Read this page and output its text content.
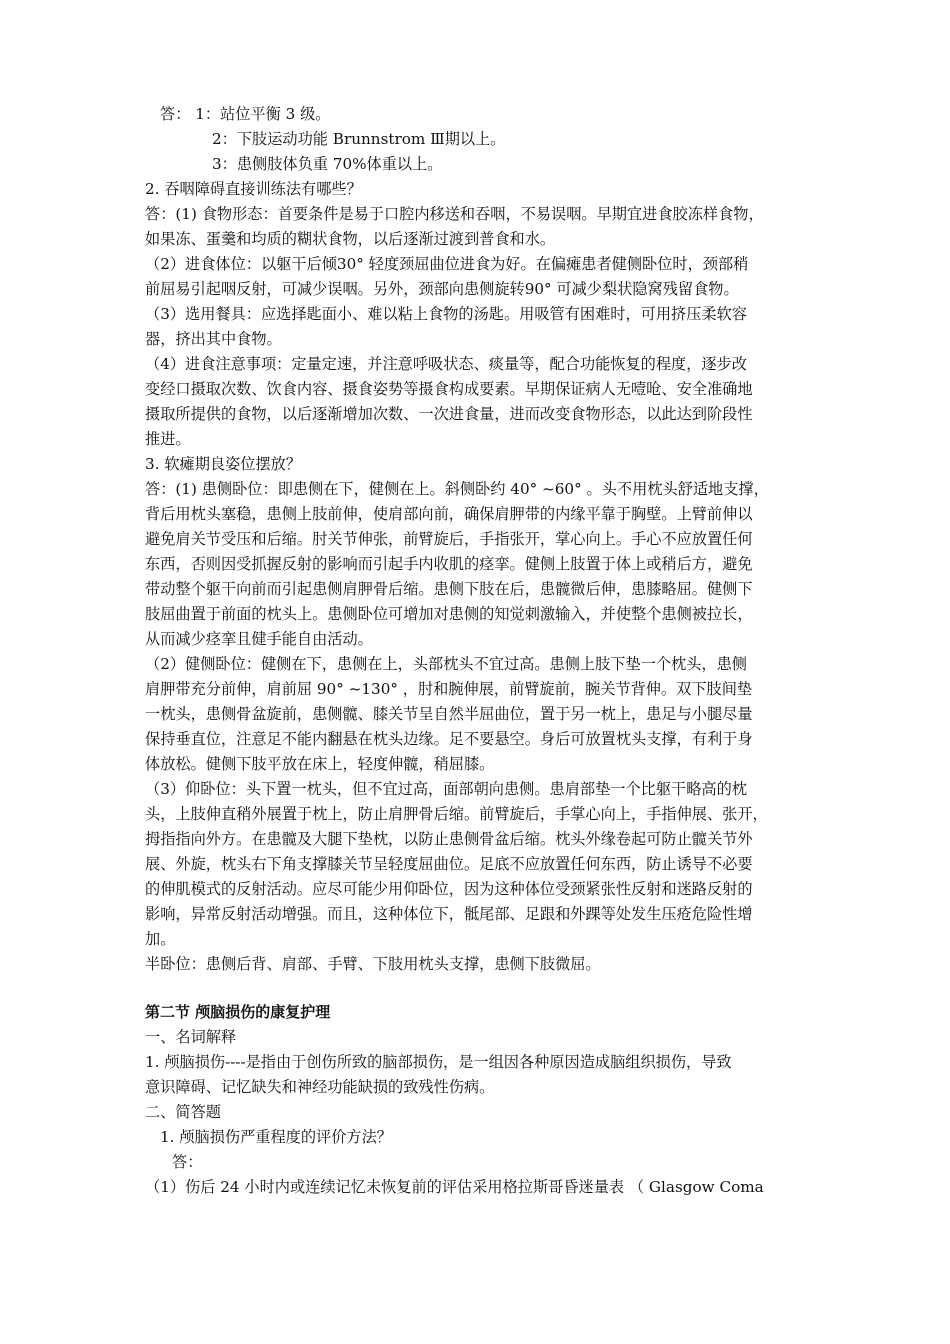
答： 1：站位平衡 3 级。
2：下肢运动功能 Brunnstrom Ⅲ期以上。
3：患侧肢体负重 70%体重以上。
2. 吞咽障碍直接训练法有哪些？
答：(1) 食物形态：首要条件是易于口腔内移送和吞咽，不易误咽。早期宜进食胶冻样食物，
如果冻、蛋羹和均质的糊状食物，以后逐渐过渡到普食和水。
（2）进食体位：以躯干后倾30° 轻度颈屈曲位进食为好。在偏瘫患者健侧卧位时，颈部稍
前屈易引起咽反射，可减少误咽。另外，颈部向患侧旋转90° 可减少梨状隐窝残留食物。
（3）选用餐具：应选择匙面小、难以粘上食物的汤匙。用吸管有困难时，可用挤压柔软容
器，挤出其中食物。
（4）进食注意事项：定量定速，并注意呼吸状态、痰量等，配合功能恢复的程度，逐步改
变经口摄取次数、饮食内容、摄食姿势等摄食构成要素。早期保证病人无噎呛、安全准确地
摄取所提供的食物，以后逐渐增加次数、一次进食量，进而改变食物形态，以此达到阶段性
推进。
3. 软瘫期良姿位摆放？
答：(1) 患侧卧位：即患侧在下，健侧在上。斜侧卧约 40° ~60° 。头不用枕头舒适地支撑，
背后用枕头塞稳，患侧上肢前伸，使肩部向前，确保肩胛带的内缘平靠于胸壁。上臂前伸以
避免肩关节受压和后缩。肘关节伸张，前臂旋后，手指张开，掌心向上。手心不应放置任何
东西，否则因受抓握反射的影响而引起手内收肌的痉挛。健侧上肢置于体上或稍后方，避免
带动整个躯干向前而引起患侧肩胛骨后缩。患侧下肢在后，患髋微后伸，患膝略屈。健侧下
肢屈曲置于前面的枕头上。患侧卧位可增加对患侧的知觉刺激输入，并使整个患侧被拉长，
从而减少痉挛且健手能自由活动。
（2）健侧卧位：健侧在下，患侧在上，头部枕头不宜过高。患侧上肢下垫一个枕头，患侧
肩胛带充分前伸，肩前屈 90° ~130° ，肘和腕伸展，前臂旋前，腕关节背伸。双下肢间垫
一枕头，患侧骨盆旋前，患侧髋、膝关节呈自然半屈曲位，置于另一枕上，患足与小腿尽量
保持垂直位，注意足不能内翻悬在枕头边缘。足不要悬空。身后可放置枕头支撑，有利于身
体放松。健侧下肢平放在床上，轻度伸髋，稍屈膝。
（3）仰卧位：头下置一枕头，但不宜过高，面部朝向患侧。患肩部垫一个比躯干略高的枕
头，上肢伸直稍外展置于枕上，防止肩胛骨后缩。前臂旋后，手掌心向上，手指伸展、张开，
拇指指向外方。在患髋及大腿下垫枕，以防止患侧骨盆后缩。枕头外缘卷起可防止髋关节外
展、外旋，枕头右下角支撑膝关节呈轻度屈曲位。足底不应放置任何东西，防止诱导不必要
的伸肌模式的反射活动。应尽可能少用仰卧位，因为这种体位受颈紧张性反射和迷路反射的
影响，异常反射活动增强。而且，这种体位下，骶尾部、足跟和外踝等处发生压疮危险性增
加。
半卧位：患侧后背、肩部、手臂、下肢用枕头支撑，患侧下肢微屈。
第二节 颅脑损伤的康复护理
一、名词解释
1. 颅脑损伤----是指由于创伤所致的脑部损伤，是一组因各种原因造成脑组织损伤，导致
意识障碍、记忆缺失和神经功能缺损的致残性伤病。
二、简答题
1. 颅脑损伤严重程度的评价方法？
答：
（1）伤后 24 小时内或连续记忆未恢复前的评估采用格拉斯哥昏迷量表 （ Glasgow Coma
